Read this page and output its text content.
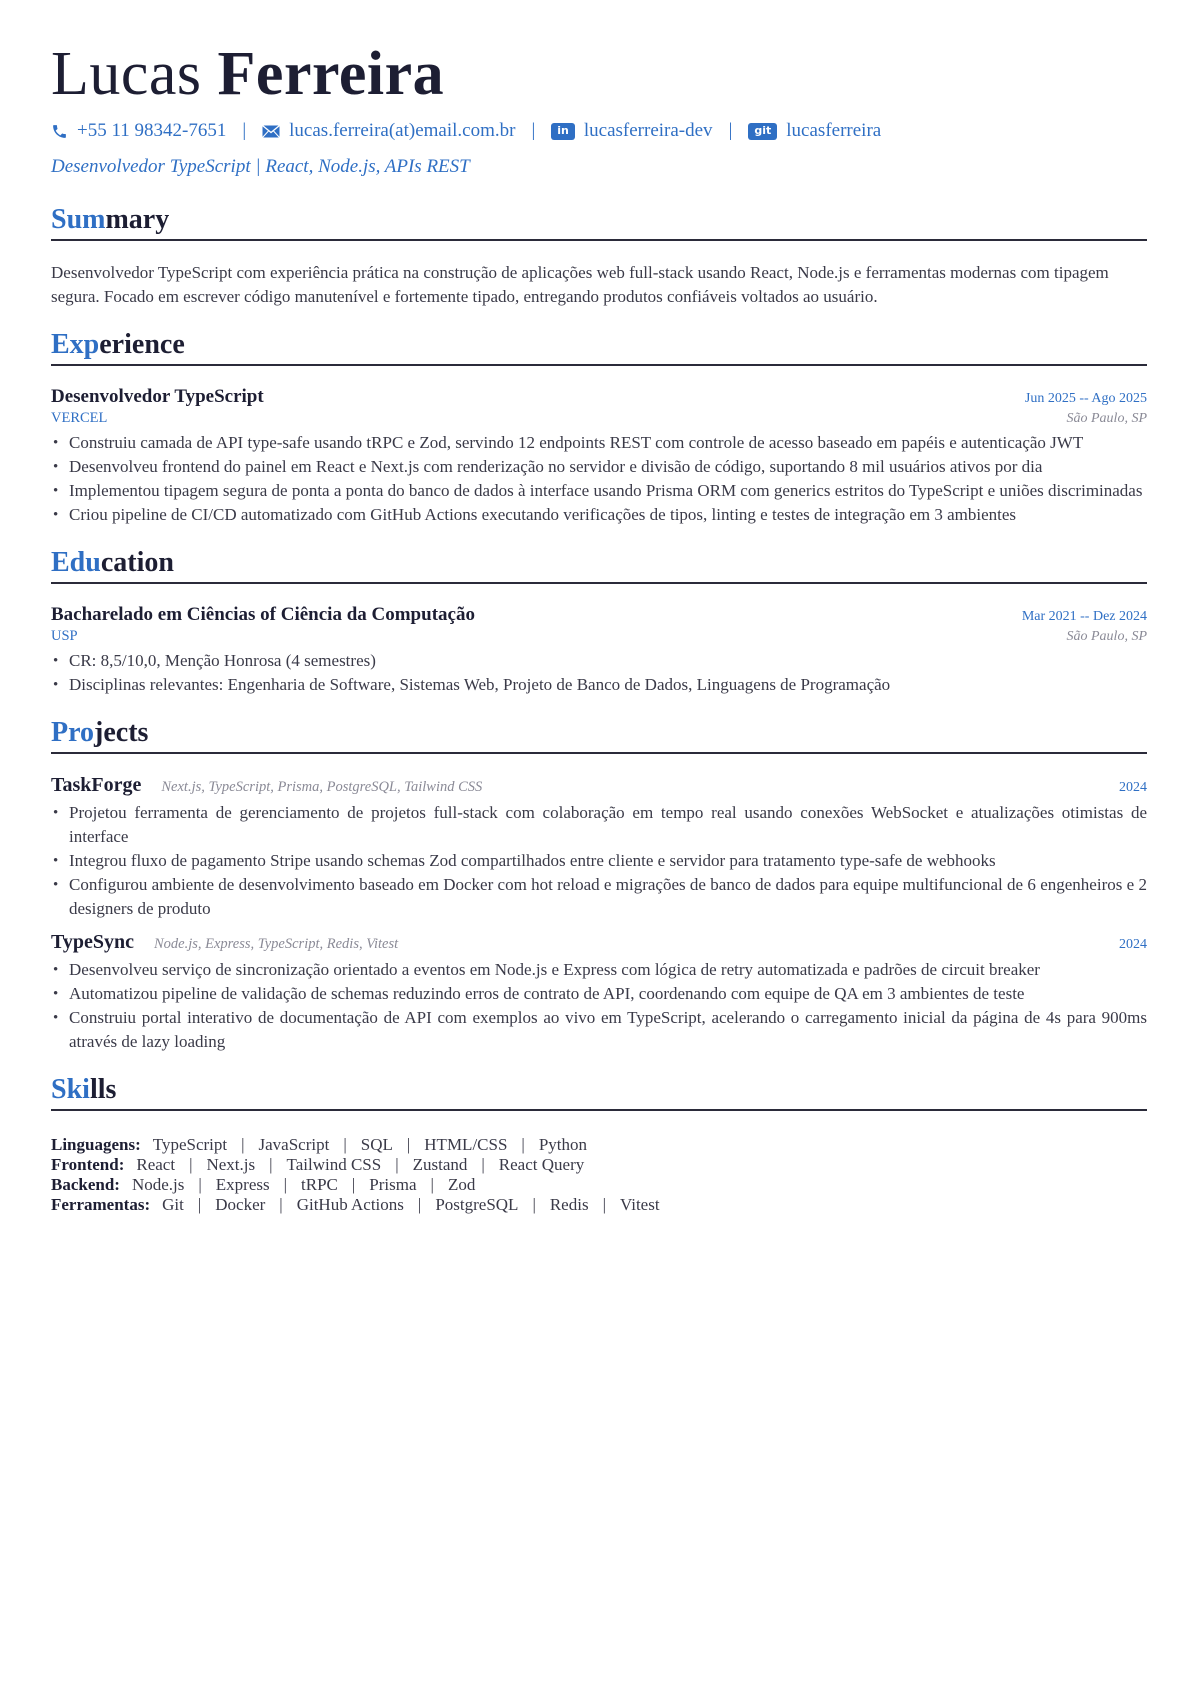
Lucas Ferreira
+55 11 98342-7651 | lucas.ferreira(at)email.com.br |	in lucasferreira-dev |	git lucasferreira
Desenvolvedor TypeScript | React, Node.js, APIs REST
Summary
Desenvolvedor TypeScript com experiência prática na construção de aplicações web full-stack usando React, Node.js e ferramentas modernas com tipagem segura. Focado em escrever código manutenível e fortemente tipado, entregando produtos confiáveis voltados ao usuário.
Experience
Desenvolvedor TypeScript	Jun 2025 -- Ago 2025
VERCEL	São Paulo, SP
• Construiu camada de API type-safe usando tRPC e Zod, servindo 12 endpoints REST com controle de acesso baseado em papéis e autenticação JWT
• Desenvolveu frontend do painel em React e Next.js com renderização no servidor e divisão de código, suportando 8 mil usuários ativos por dia
• Implementou tipagem segura de ponta a ponta do banco de dados à interface usando Prisma ORM com generics estritos do TypeScript e uniões discriminadas
• Criou pipeline de CI/CD automatizado com GitHub Actions executando verificações de tipos, linting e testes de integração em 3 ambientes
Education
Bacharelado em Ciências of Ciência da Computação	Mar 2021 -- Dez 2024
USP	São Paulo, SP
• CR: 8,5/10,0, Menção Honrosa (4 semestres)
• Disciplinas relevantes: Engenharia de Software, Sistemas Web, Projeto de Banco de Dados, Linguagens de Programação
Projects
TaskForge Next.js, TypeScript, Prisma, PostgreSQL, Tailwind CSS	2024
• Projetou ferramenta de gerenciamento de projetos full-stack com colaboração em tempo real usando conexões WebSocket e atualizações otimistas de interface
• Integrou fluxo de pagamento Stripe usando schemas Zod compartilhados entre cliente e servidor para tratamento type-safe de webhooks
• Configurou ambiente de desenvolvimento baseado em Docker com hot reload e migrações de banco de dados para equipe multifuncional de 6 engenheiros e 2 designers de produto
TypeSync Node.js, Express, TypeScript, Redis, Vitest	2024
• Desenvolveu serviço de sincronização orientado a eventos em Node.js e Express com lógica de retry automatizada e padrões de circuit breaker
• Automatizou pipeline de validação de schemas reduzindo erros de contrato de API, coordenando com equipe de QA em 3 ambientes de teste
• Construiu portal interativo de documentação de API com exemplos ao vivo em TypeScript, acelerando o carregamento inicial da página de 4s para 900ms através de lazy loading
Skills
Linguagens: TypeScript | JavaScript | SQL | HTML/CSS | Python
Frontend: React | Next.js | Tailwind CSS | Zustand | React Query
Backend: Node.js | Express | tRPC | Prisma | Zod
Ferramentas: Git | Docker | GitHub Actions | PostgreSQL | Redis | Vitest
